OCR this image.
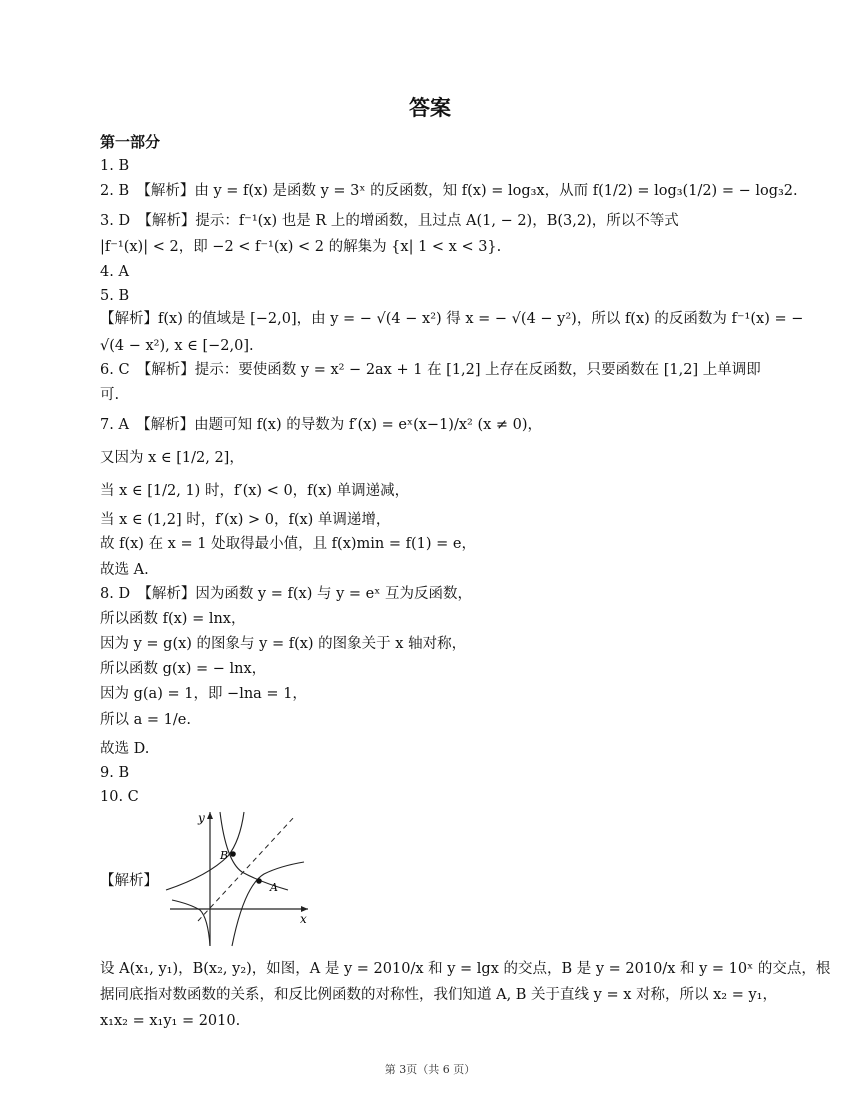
答案
第一部分
1. B
2. B　【解析】由 y = f(x) 是函数 y = 3ˣ 的反函数，知 f(x) = log₃x，从而 f(1/2) = log₃(1/2) = − log₃2.
3. D　【解析】提示：f⁻¹(x) 也是 R 上的增函数，且过点 A(1, − 2)，B(3,2)，所以不等式
|f⁻¹(x)| < 2，即 −2 < f⁻¹(x) < 2 的解集为 {x| 1 < x < 3}.
4. A
5. B
【解析】f(x) 的值域是 [−2,0]，由 y = − √(4 − x²) 得 x = − √(4 − y²)，所以 f(x) 的反函数为 f⁻¹(x) = −
√(4 − x²), x ∈ [−2,0].
6. C　【解析】提示：要使函数 y = x² − 2ax + 1 在 [1,2] 上存在反函数，只要函数在 [1,2] 上单调即
可.
7. A　【解析】由题可知 f(x) 的导数为 f′(x) = eˣ(x−1)/x² (x ≠ 0)，
又因为 x ∈ [1/2, 2]，
当 x ∈ [1/2, 1) 时，f′(x) < 0，f(x) 单调递减，
当 x ∈ (1,2] 时，f′(x) > 0，f(x) 单调递增，
故 f(x) 在 x = 1 处取得最小值，且 f(x)min = f(1) = e，
故选 A.
8. D　【解析】因为函数 y = f(x) 与 y = eˣ 互为反函数，
所以函数 f(x) = lnx，
因为 y = g(x) 的图象与 y = f(x) 的图象关于 x 轴对称，
所以函数 g(x) = − lnx，
因为 g(a) = 1，即 −lna = 1，
所以 a = 1/e.
故选 D.
9. B
10. C
【解析】
y
x
B
A
设 A(x₁, y₁)，B(x₂, y₂)，如图，A 是 y = 2010/x 和 y = lgx 的交点，B 是 y = 2010/x 和 y = 10ˣ 的交点，根
据同底指对数函数的关系，和反比例函数的对称性，我们知道 A, B 关于直线 y = x 对称，所以 x₂ = y₁，
x₁x₂ = x₁y₁ = 2010.
第 3页（共 6 页）
